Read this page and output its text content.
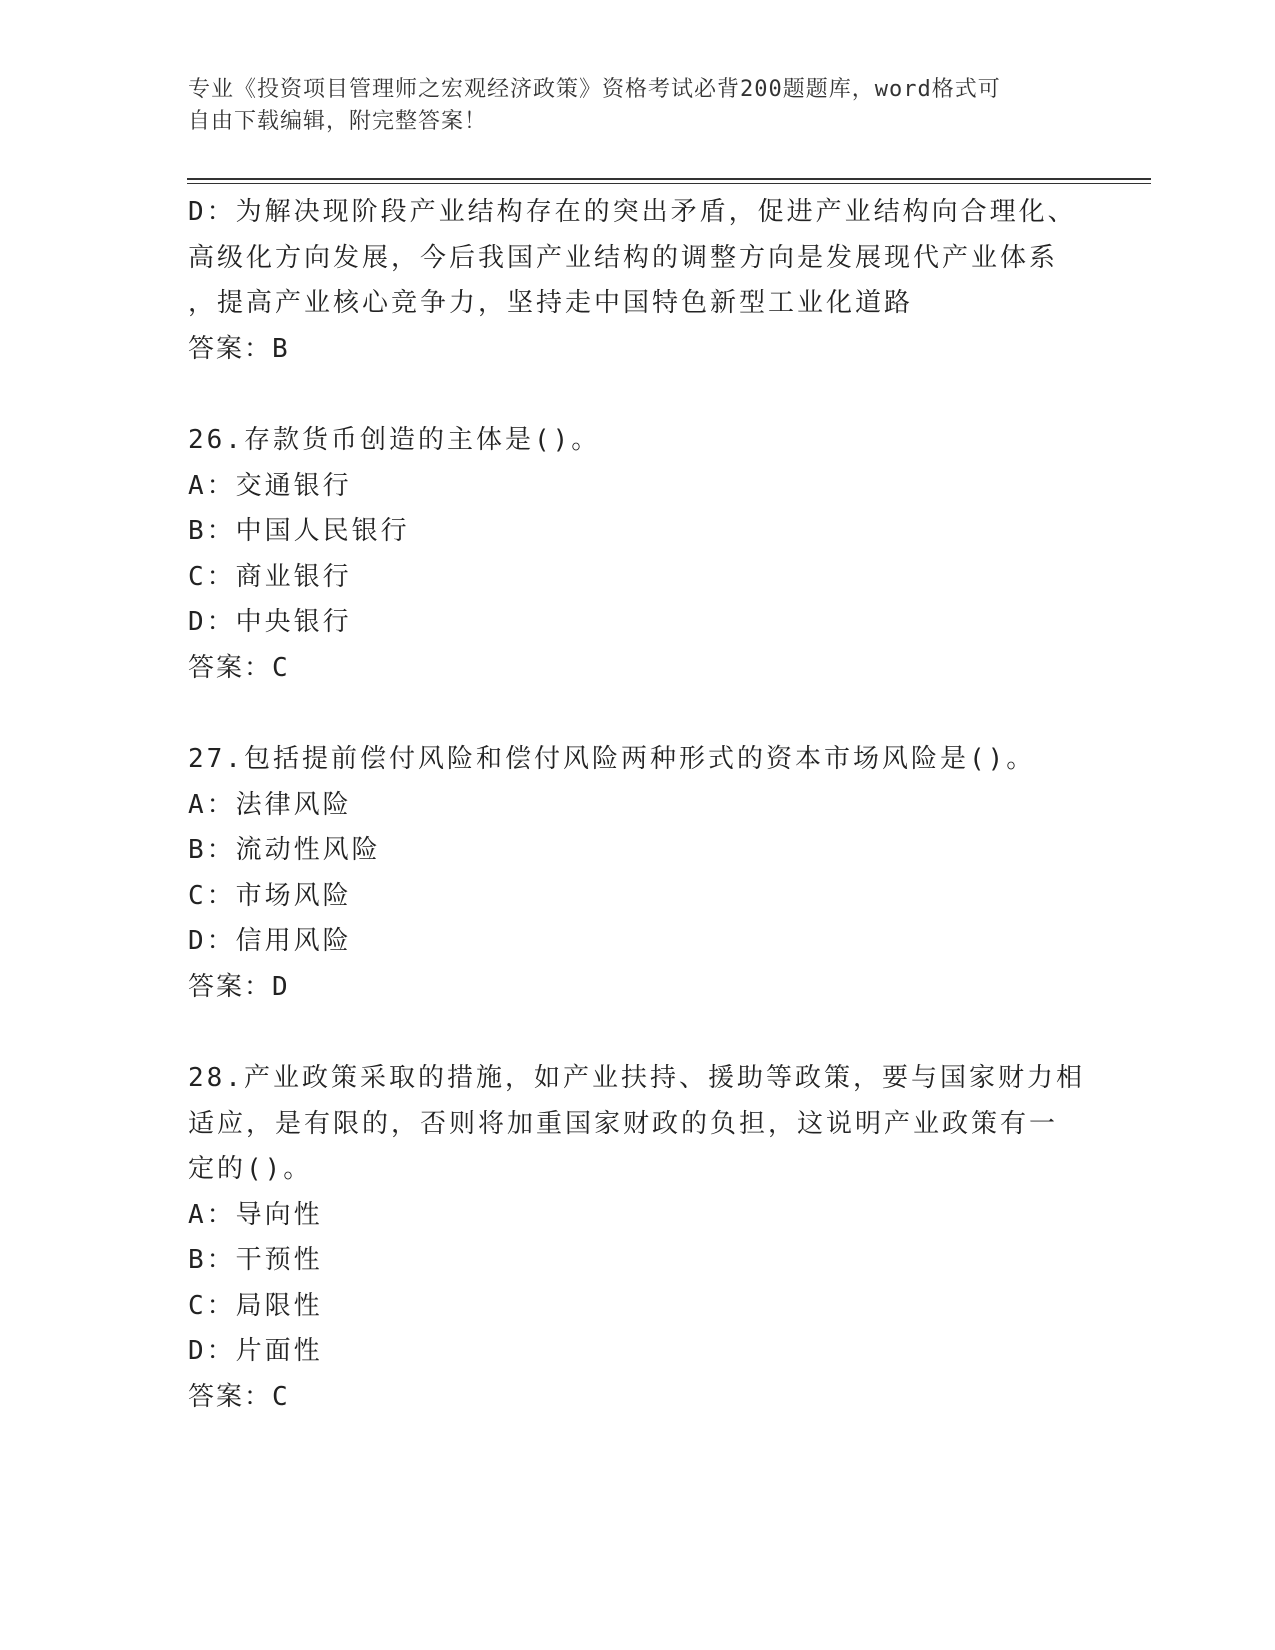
专业《投资项目管理师之宏观经济政策》资格考试必背200题题库，word格式可
自由下载编辑，附完整答案！
D：为解决现阶段产业结构存在的突出矛盾，促进产业结构向合理化、
高级化方向发展，今后我国产业结构的调整方向是发展现代产业体系
，提高产业核心竞争力，坚持走中国特色新型工业化道路
答案：B
26.存款货币创造的主体是()。
A：交通银行
B：中国人民银行
C：商业银行
D：中央银行
答案：C
27.包括提前偿付风险和偿付风险两种形式的资本市场风险是()。
A：法律风险
B：流动性风险
C：市场风险
D：信用风险
答案：D
28.产业政策采取的措施，如产业扶持、援助等政策，要与国家财力相
适应，是有限的，否则将加重国家财政的负担，这说明产业政策有一
定的()。
A：导向性
B：干预性
C：局限性
D：片面性
答案：C
